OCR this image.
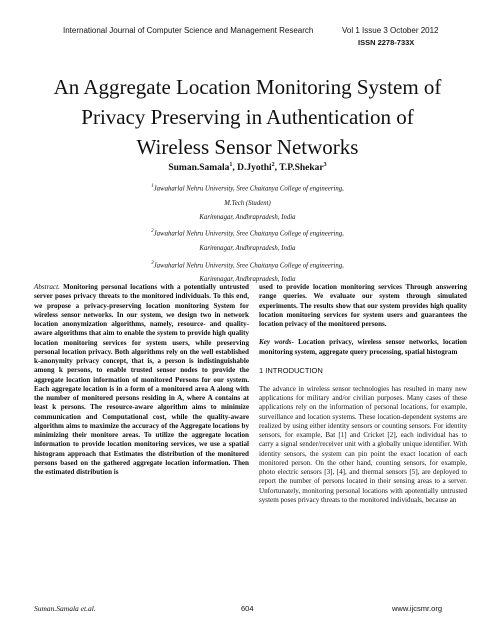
International Journal of Computer Science and Management Research	Vol 1 Issue 3 October 2012
ISSN 2278-733X
An Aggregate Location Monitoring System of
Privacy Preserving in Authentication of
Wireless Sensor Networks
Suman.Samala$^1$, D.Jyothi$^2$, T.P.Shekar$^3$
$^1$Jawaharlal Nehru University, Sree Chaitanya College of engineering,
M.Tech (Student)
Karimnagar, Andhrapradesh, India
$^2$Jawaharlal Nehru University, Sree Chaitanya College of engineering,
Karimnagar, Andhrapradesh, India
$^3$Jawaharlal Nehru University, Sree Chaitanya College of engineering,
Karimnagar, Andhrapradesh, India

Abstract. Monitoring personal locations with a potentially untrusted server poses privacy threats to the monitored individuals. To this end, we propose a privacy-preserving location monitoring System for wireless sensor networks. In our system, we design two in network location anonymization algorithms, namely, resource- and quality-aware algorithms that aim to enable the system to provide high quality location monitoring services for system users, while preserving personal location privacy. Both algorithms rely on the well established k-anonymity privacy concept, that is, a person is indistinguishable among k persons, to enable trusted sensor nodes to provide the aggregate location information of monitored Persons for our system. Each aggregate location is in a form of a monitored area A along with the number of monitored persons residing in A, where A contains at least k persons. The resource-aware algorithm aims to minimize communication and Computational cost, while the quality-aware algorithm aims to maximize the accuracy of the Aggregate locations by minimizing their monitore areas. To utilize the aggregate location information to provide location monitoring services, we use a spatial histogram approach that Estimates the distribution of the monitored persons based on the gathered aggregate location information. Then the estimated distribution is

used to provide location monitoring services Through answering range queries. We evaluate our system through simulated experiments. The results show that our system provides high quality location monitoring services for system users and guarantees the location privacy of the monitored persons.

Key words- Location privacy, wireless sensor networks, location monitoring system, aggregate query processing, spatial histogram

1 INTRODUCTION

The advance in wireless sensor technologies has resulted in many new applications for military and/or civilian purposes. Many cases of these applications rely on the information of personal locations, for example, surveillance and location systems. These location-dependent systems are realized by using either identity sensors or counting sensors. For identity sensors, for example, Bat [1] and Cricket [2], each individual has to carry a signal sender/receiver unit with a globally unique identifier. With identity sensors, the system can pin point the exact location of each monitored person. On the other hand, counting sensors, for example, photo electric sensors [3], [4], and thermal sensors [5], are deployed to report the number of persons located in their sensing areas to a server. Unfortunately, monitoring personal locations with apotentially untrusted system poses privacy threats to the monitored individuals, because an

Suman.Samala et.al.	604	www.ijcsmr.org
